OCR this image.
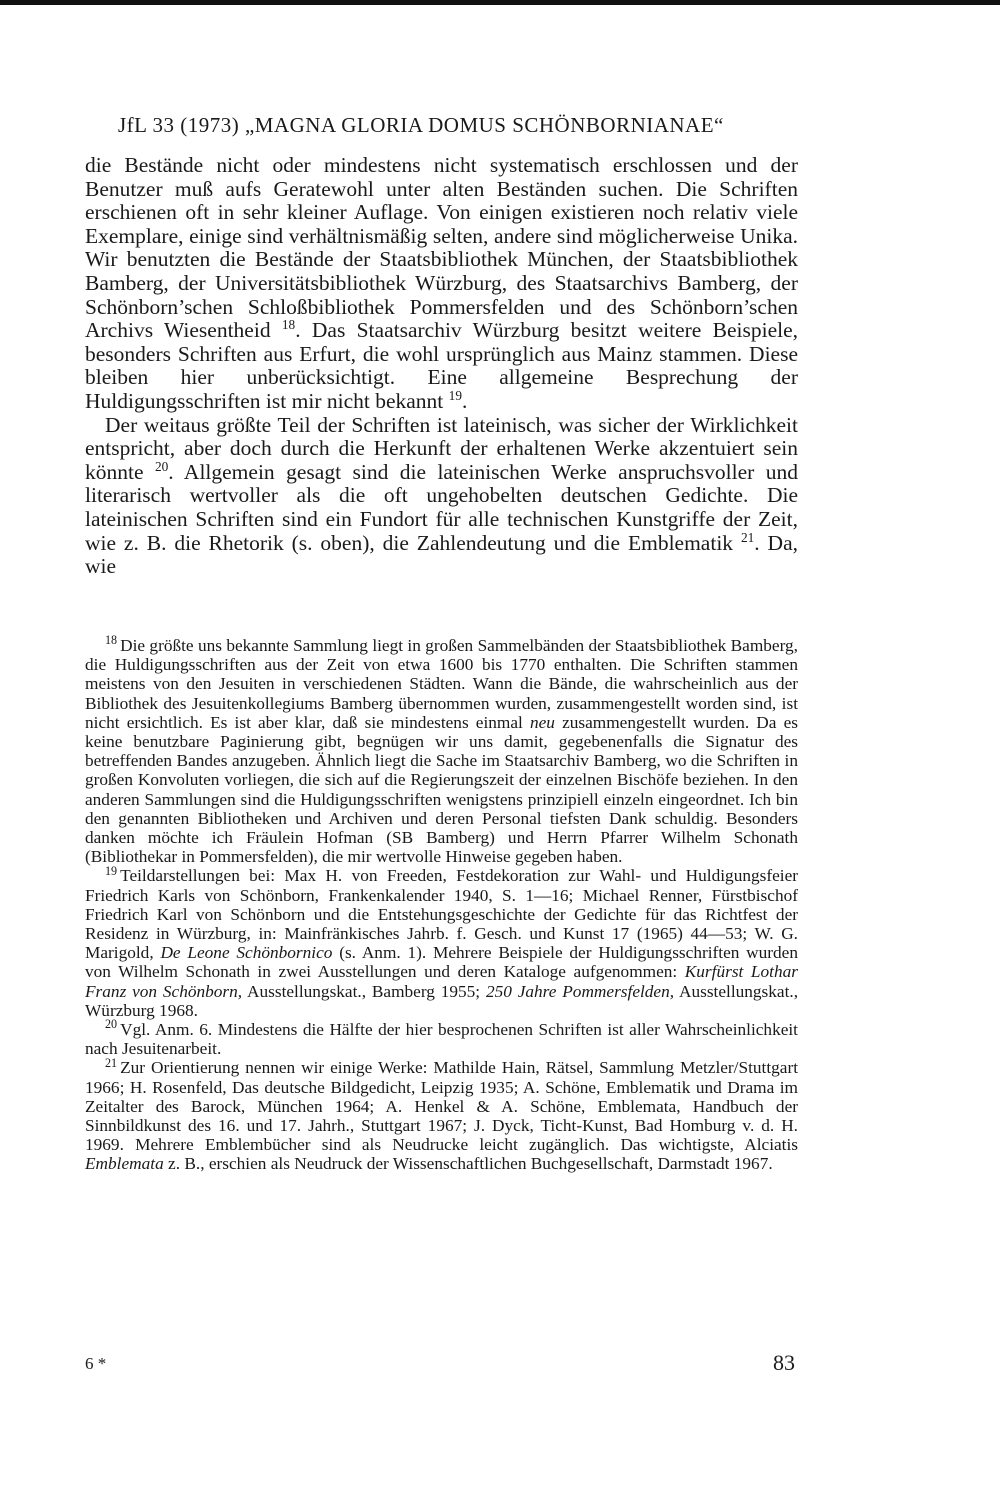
JfL 33 (1973) „MAGNA GLORIA DOMUS SCHÖNBORNIANAE“

die Bestände nicht oder mindestens nicht systematisch erschlossen und der Benutzer muß aufs Geratewohl unter alten Beständen suchen. Die Schriften erschienen oft in sehr kleiner Auflage. Von einigen existieren noch relativ viele Exemplare, einige sind verhältnismäßig selten, andere sind möglicherweise Unika. Wir benutzten die Bestände der Staatsbibliothek München, der Staatsbibliothek Bamberg, der Universitätsbibliothek Würzburg, des Staatsarchivs Bamberg, der Schönborn’schen Schloßbibliothek Pommersfelden und des Schönborn’schen Archivs Wiesentheid $^{18}$. Das Staatsarchiv Würzburg besitzt weitere Beispiele, besonders Schriften aus Erfurt, die wohl ursprünglich aus Mainz stammen. Diese bleiben hier unberücksichtigt. Eine allgemeine Besprechung der Huldigungsschriften ist mir nicht bekannt $^{19}$.

Der weitaus größte Teil der Schriften ist lateinisch, was sicher der Wirklichkeit entspricht, aber doch durch die Herkunft der erhaltenen Werke akzentuiert sein könnte $^{20}$. Allgemein gesagt sind die lateinischen Werke anspruchsvoller und literarisch wertvoller als die oft ungehobelten deutschen Gedichte. Die lateinischen Schriften sind ein Fundort für alle technischen Kunstgriffe der Zeit, wie z. B. die Rhetorik (s. oben), die Zahlendeutung und die Emblematik $^{21}$. Da, wie

$^{18}$ Die größte uns bekannte Sammlung liegt in großen Sammelbänden der Staatsbibliothek Bamberg, die Huldigungsschriften aus der Zeit von etwa 1600 bis 1770 enthalten. Die Schriften stammen meistens von den Jesuiten in verschiedenen Städten. Wann die Bände, die wahrscheinlich aus der Bibliothek des Jesuitenkollegiums Bamberg übernommen wurden, zusammengestellt worden sind, ist nicht ersichtlich. Es ist aber klar, daß sie mindestens einmal neu zusammengestellt wurden. Da es keine benutzbare Paginierung gibt, begnügen wir uns damit, gegebenenfalls die Signatur des betreffenden Bandes anzugeben. Ähnlich liegt die Sache im Staatsarchiv Bamberg, wo die Schriften in großen Konvoluten vorliegen, die sich auf die Regierungszeit der einzelnen Bischöfe beziehen. In den anderen Sammlungen sind die Huldigungsschriften wenigstens prinzipiell einzeln eingeordnet. Ich bin den genannten Bibliotheken und Archiven und deren Personal tiefsten Dank schuldig. Besonders danken möchte ich Fräulein Hofman (SB Bamberg) und Herrn Pfarrer Wilhelm Schonath (Bibliothekar in Pommersfelden), die mir wertvolle Hinweise gegeben haben.

$^{19}$ Teildarstellungen bei: Max H. von Freeden, Festdekoration zur Wahl- und Huldigungsfeier Friedrich Karls von Schönborn, Frankenkalender 1940, S. 1—16; Michael Renner, Fürstbischof Friedrich Karl von Schönborn und die Entstehungsgeschichte der Gedichte für das Richtfest der Residenz in Würzburg, in: Mainfränkisches Jahrb. f. Gesch. und Kunst 17 (1965) 44—53; W. G. Marigold, De Leone Schönbornico (s. Anm. 1). Mehrere Beispiele der Huldigungsschriften wurden von Wilhelm Schonath in zwei Ausstellungen und deren Kataloge aufgenommen: Kurfürst Lothar Franz von Schönborn, Ausstellungskat., Bamberg 1955; 250 Jahre Pommersfelden, Ausstellungskat., Würzburg 1968.

$^{20}$ Vgl. Anm. 6. Mindestens die Hälfte der hier besprochenen Schriften ist aller Wahrscheinlichkeit nach Jesuitenarbeit.

$^{21}$ Zur Orientierung nennen wir einige Werke: Mathilde Hain, Rätsel, Sammlung Metzler/Stuttgart 1966; H. Rosenfeld, Das deutsche Bildgedicht, Leipzig 1935; A. Schöne, Emblematik und Drama im Zeitalter des Barock, München 1964; A. Henkel & A. Schöne, Emblemata, Handbuch der Sinnbildkunst des 16. und 17. Jahrh., Stuttgart 1967; J. Dyck, Ticht-Kunst, Bad Homburg v. d. H. 1969. Mehrere Emblembücher sind als Neudrucke leicht zugänglich. Das wichtigste, Alciatis Emblemata z. B., erschien als Neudruck der Wissenschaftlichen Buchgesellschaft, Darmstadt 1967.

6 *	83
